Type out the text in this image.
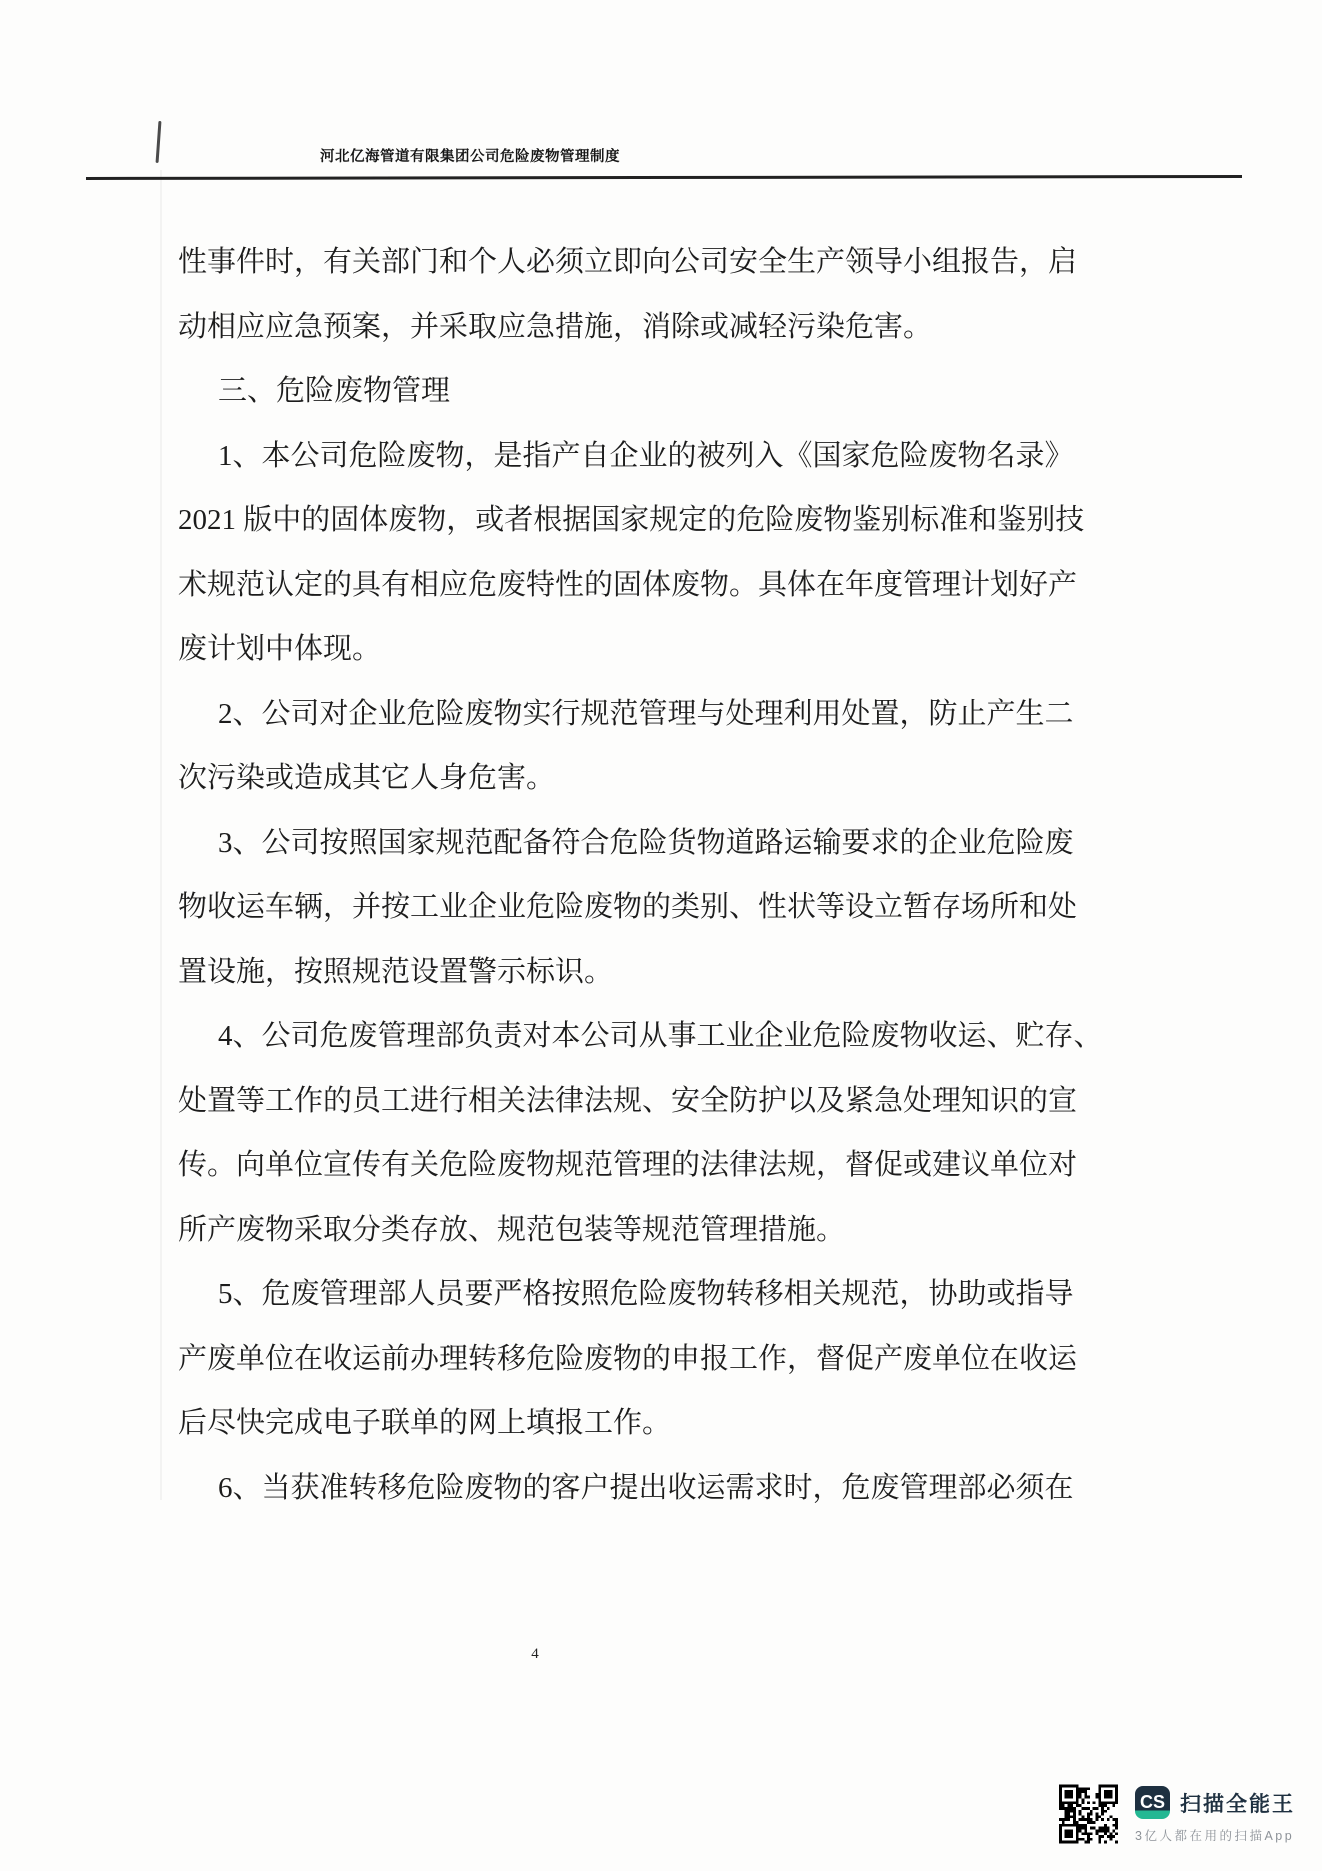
河北亿海管道有限集团公司危险废物管理制度
性事件时，有关部门和个人必须立即向公司安全生产领导小组报告，启
动相应应急预案，并采取应急措施，消除或减轻污染危害。
三、危险废物管理
1、本公司危险废物，是指产自企业的被列入《国家危险废物名录》
2021 版中的固体废物，或者根据国家规定的危险废物鉴别标准和鉴别技
术规范认定的具有相应危废特性的固体废物。具体在年度管理计划好产
废计划中体现。
2、公司对企业危险废物实行规范管理与处理利用处置，防止产生二
次污染或造成其它人身危害。
3、公司按照国家规范配备符合危险货物道路运输要求的企业危险废
物收运车辆，并按工业企业危险废物的类别、性状等设立暂存场所和处
置设施，按照规范设置警示标识。
4、公司危废管理部负责对本公司从事工业企业危险废物收运、贮存、
处置等工作的员工进行相关法律法规、安全防护以及紧急处理知识的宣
传。向单位宣传有关危险废物规范管理的法律法规，督促或建议单位对
所产废物采取分类存放、规范包装等规范管理措施。
5、危废管理部人员要严格按照危险废物转移相关规范，协助或指导
产废单位在收运前办理转移危险废物的申报工作，督促产废单位在收运
后尽快完成电子联单的网上填报工作。
6、当获准转移危险废物的客户提出收运需求时，危废管理部必须在
4
CS 扫描全能王
3亿人都在用的扫描App
